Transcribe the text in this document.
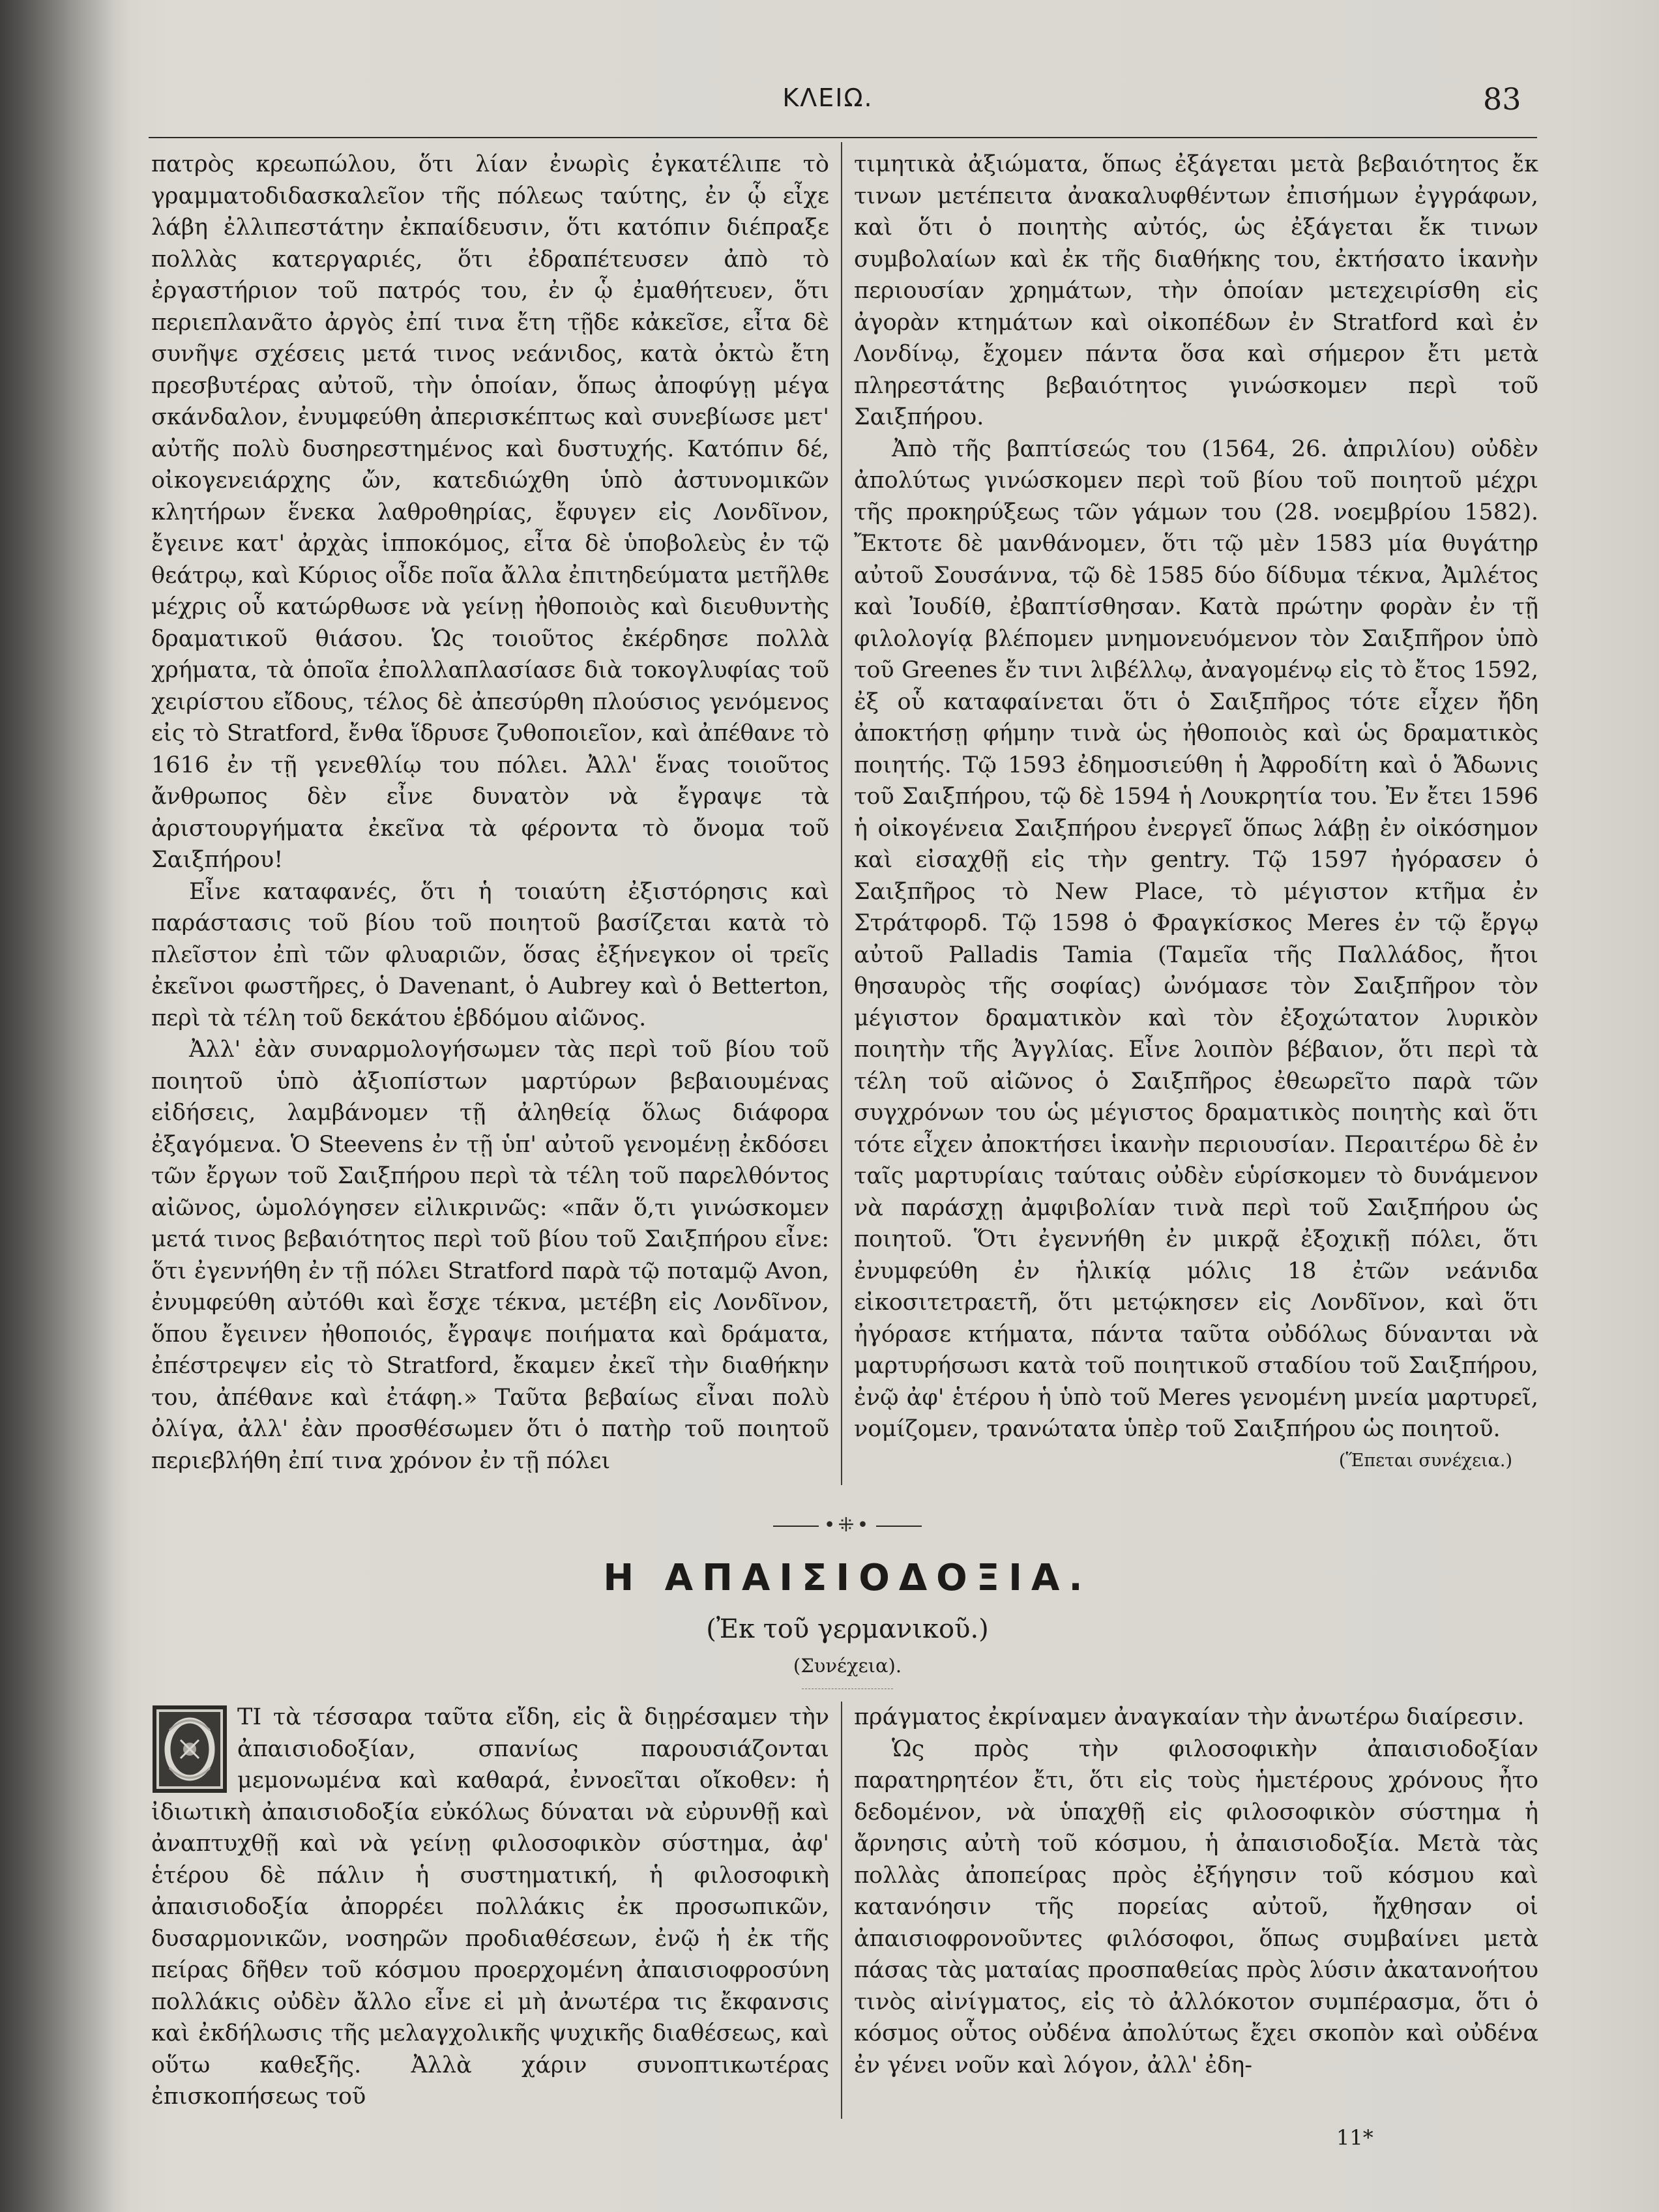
ΚΛΕΙΩ.	83

πατρὸς κρεωπώλου, ὅτι λίαν ἐνωρὶς ἐγκατέλιπε τὸ γραμματοδιδασκαλεῖον τῆς πόλεως ταύτης, ἐν ᾧ εἶχε λάβη ἐλλιπεστάτην ἐκπαίδευσιν, ὅτι κατόπιν διέπραξε πολλὰς κατεργαριές, ὅτι ἐδραπέτευσεν ἀπὸ τὸ ἐργαστήριον τοῦ πατρός του, ἐν ᾧ ἐμαθήτευεν, ὅτι περιεπλανᾶτο ἀργὸς ἐπί τινα ἔτη τῇδε κἀκεῖσε, εἶτα δὲ συνῆψε σχέσεις μετά τινος νεάνιδος, κατὰ ὀκτὼ ἔτη πρεσβυτέρας αὐτοῦ, τὴν ὁποίαν, ὅπως ἀποφύγῃ μέγα σκάνδαλον, ἐνυμφεύθη ἀπερισκέπτως καὶ συνεβίωσε μετ' αὐτῆς πολὺ δυσηρεστημένος καὶ δυστυχής. Κατόπιν δέ, οἰκογενειάρχης ὤν, κατεδιώχθη ὑπὸ ἀστυνομικῶν κλητήρων ἕνεκα λαθροθηρίας, ἔφυγεν εἰς Λονδῖνον, ἔγεινε κατ' ἀρχὰς ἱπποκόμος, εἶτα δὲ ὑποβολεὺς ἐν τῷ θεάτρῳ, καὶ Κύριος οἶδε ποῖα ἄλλα ἐπιτηδεύματα μετῆλθε μέχρις οὗ κατώρθωσε νὰ γείνῃ ἠθοποιὸς καὶ διευθυντὴς δραματικοῦ θιάσου. Ὡς τοιοῦτος ἐκέρδησε πολλὰ χρήματα, τὰ ὁποῖα ἐπολλαπλασίασε διὰ τοκογλυφίας τοῦ χειρίστου εἴδους, τέλος δὲ ἀπεσύρθη πλούσιος γενόμενος εἰς τὸ Stratford, ἔνθα ἵδρυσε ζυθοποιεῖον, καὶ ἀπέθανε τὸ 1616 ἐν τῇ γενεθλίῳ του πόλει. Ἀλλ' ἕνας τοιοῦτος ἄνθρωπος δὲν εἶνε δυνατὸν νὰ ἔγραψε τὰ ἀριστουργήματα ἐκεῖνα τὰ φέροντα τὸ ὄνομα τοῦ Σαιξπήρου!

Εἶνε καταφανές, ὅτι ἡ τοιαύτη ἐξιστόρησις καὶ παράστασις τοῦ βίου τοῦ ποιητοῦ βασίζεται κατὰ τὸ πλεῖστον ἐπὶ τῶν φλυαριῶν, ὅσας ἐξήνεγκον οἱ τρεῖς ἐκεῖνοι φωστῆρες, ὁ Davenant, ὁ Aubrey καὶ ὁ Betterton, περὶ τὰ τέλη τοῦ δεκάτου ἑβδόμου αἰῶνος.

Ἀλλ' ἐὰν συναρμολογήσωμεν τὰς περὶ τοῦ βίου τοῦ ποιητοῦ ὑπὸ ἀξιοπίστων μαρτύρων βεβαιουμένας εἰδήσεις, λαμβάνομεν τῇ ἀληθείᾳ ὅλως διάφορα ἐξαγόμενα. Ὁ Steevens ἐν τῇ ὑπ' αὐτοῦ γενομένῃ ἐκδόσει τῶν ἔργων τοῦ Σαιξπήρου περὶ τὰ τέλη τοῦ παρελθόντος αἰῶνος, ὡμολόγησεν εἰλικρινῶς: «πᾶν ὅ,τι γινώσκομεν μετά τινος βεβαιότητος περὶ τοῦ βίου τοῦ Σαιξπήρου εἶνε: ὅτι ἐγεννήθη ἐν τῇ πόλει Stratford παρὰ τῷ ποταμῷ Avon, ἐνυμφεύθη αὐτόθι καὶ ἔσχε τέκνα, μετέβη εἰς Λονδῖνον, ὅπου ἔγεινεν ἠθοποιός, ἔγραψε ποιήματα καὶ δράματα, ἐπέστρεψεν εἰς τὸ Stratford, ἔκαμεν ἐκεῖ τὴν διαθήκην του, ἀπέθανε καὶ ἐτάφη.» Ταῦτα βεβαίως εἶναι πολὺ ὀλίγα, ἀλλ' ἐὰν προσθέσωμεν ὅτι ὁ πατὴρ τοῦ ποιητοῦ περιεβλήθη ἐπί τινα χρόνον ἐν τῇ πόλει

τιμητικὰ ἀξιώματα, ὅπως ἐξάγεται μετὰ βεβαιότητος ἔκ τινων μετέπειτα ἀνακαλυφθέντων ἐπισήμων ἐγγράφων, καὶ ὅτι ὁ ποιητὴς αὐτός, ὡς ἐξάγεται ἔκ τινων συμβολαίων καὶ ἐκ τῆς διαθήκης του, ἐκτήσατο ἱκανὴν περιουσίαν χρημάτων, τὴν ὁποίαν μετεχειρίσθη εἰς ἀγορὰν κτημάτων καὶ οἰκοπέδων ἐν Stratford καὶ ἐν Λονδίνῳ, ἔχομεν πάντα ὅσα καὶ σήμερον ἔτι μετὰ πληρεστάτης βεβαιότητος γινώσκομεν περὶ τοῦ Σαιξπήρου.

Ἀπὸ τῆς βαπτίσεώς του (1564, 26. ἀπριλίου) οὐδὲν ἀπολύτως γινώσκομεν περὶ τοῦ βίου τοῦ ποιητοῦ μέχρι τῆς προκηρύξεως τῶν γάμων του (28. νοεμβρίου 1582). Ἔκτοτε δὲ μανθάνομεν, ὅτι τῷ μὲν 1583 μία θυγάτηρ αὐτοῦ Σουσάννα, τῷ δὲ 1585 δύο δίδυμα τέκνα, Ἀμλέτος καὶ Ἰουδίθ, ἐβαπτίσθησαν. Κατὰ πρώτην φορὰν ἐν τῇ φιλολογίᾳ βλέπομεν μνημονευόμενον τὸν Σαιξπῆρον ὑπὸ τοῦ Greenes ἔν τινι λιβέλλῳ, ἀναγομένῳ εἰς τὸ ἔτος 1592, ἐξ οὗ καταφαίνεται ὅτι ὁ Σαιξπῆρος τότε εἶχεν ἤδη ἀποκτήσῃ φήμην τινὰ ὡς ἠθοποιὸς καὶ ὡς δραματικὸς ποιητής. Τῷ 1593 ἐδημοσιεύθη ἡ Ἀφροδίτη καὶ ὁ Ἄδωνις τοῦ Σαιξπήρου, τῷ δὲ 1594 ἡ Λουκρητία του. Ἐν ἔτει 1596 ἡ οἰκογένεια Σαιξπήρου ἐνεργεῖ ὅπως λάβῃ ἐν οἰκόσημον καὶ εἰσαχθῇ εἰς τὴν gentry. Τῷ 1597 ἠγόρασεν ὁ Σαιξπῆρος τὸ New Place, τὸ μέγιστον κτῆμα ἐν Στράτφορδ. Τῷ 1598 ὁ Φραγκίσκος Meres ἐν τῷ ἔργῳ αὐτοῦ Palladis Tamia (Ταμεῖα τῆς Παλλάδος, ἤτοι θησαυρὸς τῆς σοφίας) ὠνόμασε τὸν Σαιξπῆρον τὸν μέγιστον δραματικὸν καὶ τὸν ἐξοχώτατον λυρικὸν ποιητὴν τῆς Ἀγγλίας. Εἶνε λοιπὸν βέβαιον, ὅτι περὶ τὰ τέλη τοῦ αἰῶνος ὁ Σαιξπῆρος ἐθεωρεῖτο παρὰ τῶν συγχρόνων του ὡς μέγιστος δραματικὸς ποιητὴς καὶ ὅτι τότε εἶχεν ἀποκτήσει ἱκανὴν περιουσίαν. Περαιτέρω δὲ ἐν ταῖς μαρτυρίαις ταύταις οὐδὲν εὑρίσκομεν τὸ δυνάμενον νὰ παράσχῃ ἀμφιβολίαν τινὰ περὶ τοῦ Σαιξπήρου ὡς ποιητοῦ. Ὅτι ἐγεννήθη ἐν μικρᾷ ἐξοχικῇ πόλει, ὅτι ἐνυμφεύθη ἐν ἡλικίᾳ μόλις 18 ἐτῶν νεάνιδα εἰκοσιτετραετῆ, ὅτι μετῴκησεν εἰς Λονδῖνον, καὶ ὅτι ἠγόρασε κτήματα, πάντα ταῦτα οὐδόλως δύνανται νὰ μαρτυρήσωσι κατὰ τοῦ ποιητικοῦ σταδίου τοῦ Σαιξπήρου, ἐνῷ ἀφ' ἑτέρου ἡ ὑπὸ τοῦ Meres γενομένη μνεία μαρτυρεῖ, νομίζομεν, τρανώτατα ὑπὲρ τοῦ Σαιξπήρου ὡς ποιητοῦ.

(Ἕπεται συνέχεια.)

•⁜•
Η ΑΠΑΙΣΙΟΔΟΞΙΑ.
(Ἐκ τοῦ γερμανικοῦ.)
(Συνέχεια).

ΤΙ τὰ τέσσαρα ταῦτα εἴδη, εἰς ἃ διῃρέσαμεν τὴν ἀπαισιοδοξίαν, σπανίως παρουσιάζονται μεμονωμένα καὶ καθαρά, ἐννοεῖται οἴκοθεν: ἡ ἰδιωτικὴ ἀπαισιοδοξία εὐκόλως δύναται νὰ εὐρυνθῇ καὶ ἀναπτυχθῇ καὶ νὰ γείνῃ φιλοσοφικὸν σύστημα, ἀφ' ἑτέρου δὲ πάλιν ἡ συστηματική, ἡ φιλοσοφικὴ ἀπαισιοδοξία ἀπορρέει πολλάκις ἐκ προσωπικῶν, δυσαρμονικῶν, νοσηρῶν προδιαθέσεων, ἐνῷ ἡ ἐκ τῆς πείρας δῆθεν τοῦ κόσμου προερχομένη ἀπαισιοφροσύνη πολλάκις οὐδὲν ἄλλο εἶνε εἰ μὴ ἀνωτέρα τις ἔκφανσις καὶ ἐκδήλωσις τῆς μελαγχολικῆς ψυχικῆς διαθέσεως, καὶ οὕτω καθεξῆς. Ἀλλὰ χάριν συνοπτικωτέρας ἐπισκοπήσεως τοῦ

πράγματος ἐκρίναμεν ἀναγκαίαν τὴν ἀνωτέρω διαίρεσιν.

Ὡς πρὸς τὴν φιλοσοφικὴν ἀπαισιοδοξίαν παρατηρητέον ἔτι, ὅτι εἰς τοὺς ἡμετέρους χρόνους ἦτο δεδομένον, νὰ ὑπαχθῇ εἰς φιλοσοφικὸν σύστημα ἡ ἄρνησις αὐτὴ τοῦ κόσμου, ἡ ἀπαισιοδοξία. Μετὰ τὰς πολλὰς ἀποπείρας πρὸς ἐξήγησιν τοῦ κόσμου καὶ κατανόησιν τῆς πορείας αὐτοῦ, ἤχθησαν οἱ ἀπαισιοφρονοῦντες φιλόσοφοι, ὅπως συμβαίνει μετὰ πάσας τὰς ματαίας προσπαθείας πρὸς λύσιν ἀκατανοήτου τινὸς αἰνίγματος, εἰς τὸ ἀλλόκοτον συμπέρασμα, ὅτι ὁ κόσμος οὗτος οὐδένα ἀπολύτως ἔχει σκοπὸν καὶ οὐδένα ἐν γένει νοῦν καὶ λόγον, ἀλλ' ἐδη-

11*
